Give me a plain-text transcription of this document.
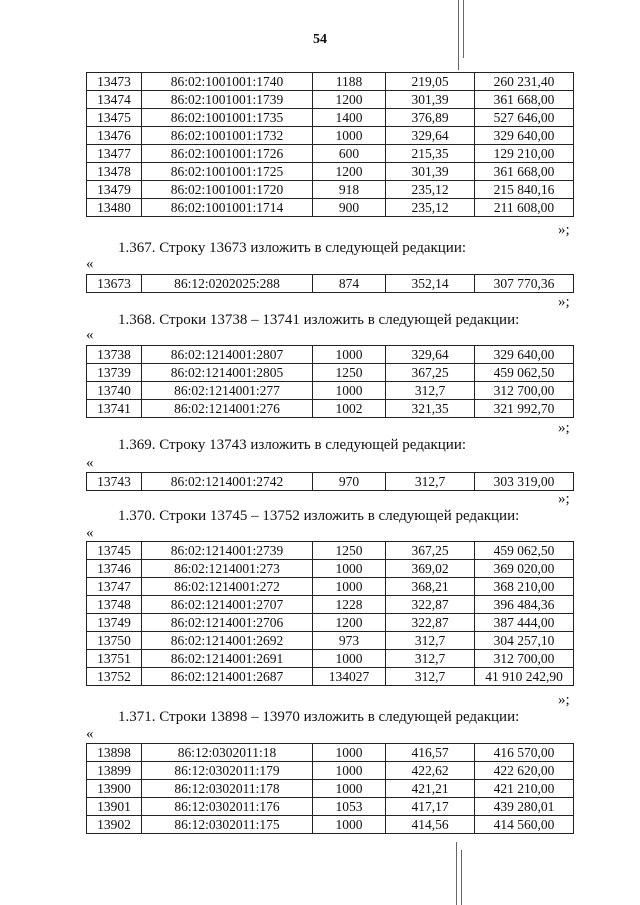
54
13473	86:02:1001001:1740	1188	219,05	260 231,40
13474	86:02:1001001:1739	1200	301,39	361 668,00
13475	86:02:1001001:1735	1400	376,89	527 646,00
13476	86:02:1001001:1732	1000	329,64	329 640,00
13477	86:02:1001001:1726	600	215,35	129 210,00
13478	86:02:1001001:1725	1200	301,39	361 668,00
13479	86:02:1001001:1720	918	235,12	215 840,16
13480	86:02:1001001:1714	900	235,12	211 608,00
»;
1.367. Строку 13673 изложить в следующей редакции:
«
13673	86:12:0202025:288	874	352,14	307 770,36
»;
1.368. Строки 13738 – 13741 изложить в следующей редакции:
«
13738	86:02:1214001:2807	1000	329,64	329 640,00
13739	86:02:1214001:2805	1250	367,25	459 062,50
13740	86:02:1214001:277	1000	312,7	312 700,00
13741	86:02:1214001:276	1002	321,35	321 992,70
»;
1.369. Строку 13743 изложить в следующей редакции:
«
13743	86:02:1214001:2742	970	312,7	303 319,00
»;
1.370. Строки 13745 – 13752 изложить в следующей редакции:
«
13745	86:02:1214001:2739	1250	367,25	459 062,50
13746	86:02:1214001:273	1000	369,02	369 020,00
13747	86:02:1214001:272	1000	368,21	368 210,00
13748	86:02:1214001:2707	1228	322,87	396 484,36
13749	86:02:1214001:2706	1200	322,87	387 444,00
13750	86:02:1214001:2692	973	312,7	304 257,10
13751	86:02:1214001:2691	1000	312,7	312 700,00
13752	86:02:1214001:2687	134027	312,7	41 910 242,90
»;
1.371. Строки 13898 – 13970 изложить в следующей редакции:
«
13898	86:12:0302011:18	1000	416,57	416 570,00
13899	86:12:0302011:179	1000	422,62	422 620,00
13900	86:12:0302011:178	1000	421,21	421 210,00
13901	86:12:0302011:176	1053	417,17	439 280,01
13902	86:12:0302011:175	1000	414,56	414 560,00
